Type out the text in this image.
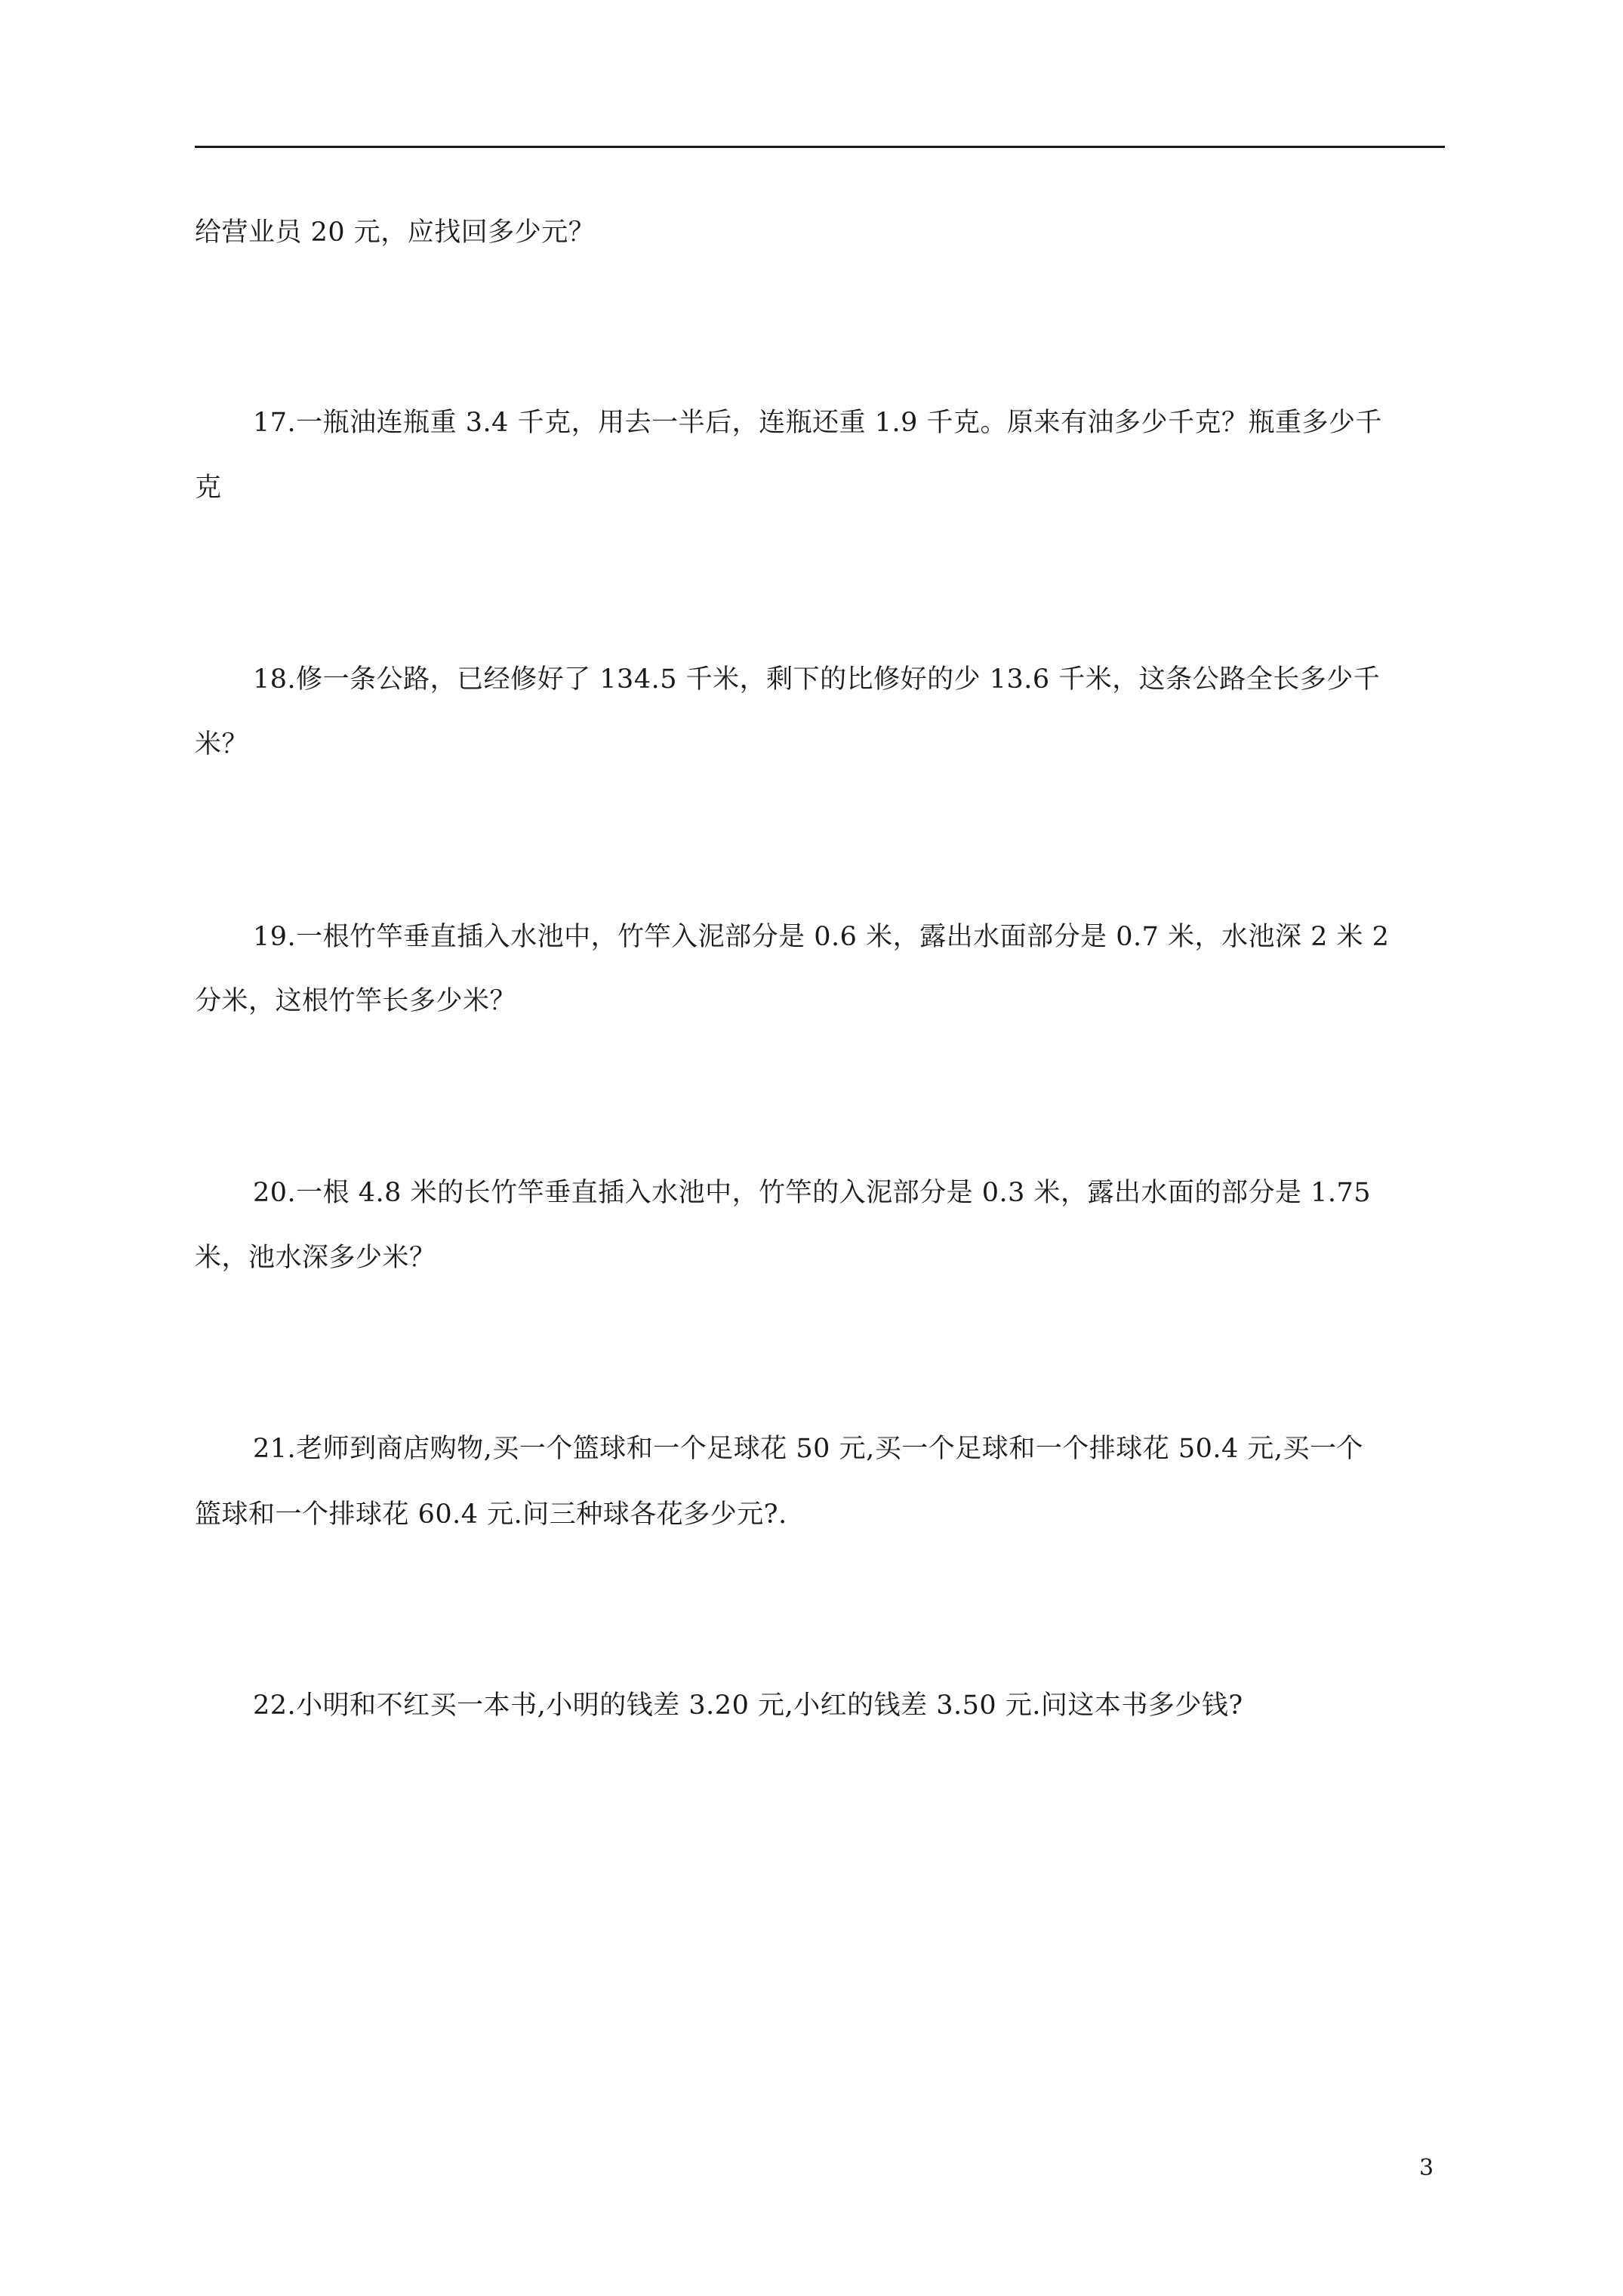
给营业员 20 元，应找回多少元？
17.一瓶油连瓶重 3.4 千克，用去一半后，连瓶还重 1.9 千克。原来有油多少千克？瓶重多少千
克
18.修一条公路，已经修好了 134.5 千米，剩下的比修好的少 13.6 千米，这条公路全长多少千
米？
19.一根竹竿垂直插入水池中，竹竿入泥部分是 0.6 米，露出水面部分是 0.7 米，水池深 2 米 2
分米，这根竹竿长多少米？
20.一根 4.8 米的长竹竿垂直插入水池中，竹竿的入泥部分是 0.3 米，露出水面的部分是 1.75
米，池水深多少米？
21.老师到商店购物,买一个篮球和一个足球花 50 元,买一个足球和一个排球花 50.4 元,买一个
篮球和一个排球花 60.4 元.问三种球各花多少元?.
22.小明和不红买一本书,小明的钱差 3.20 元,小红的钱差 3.50 元.问这本书多少钱?
3
